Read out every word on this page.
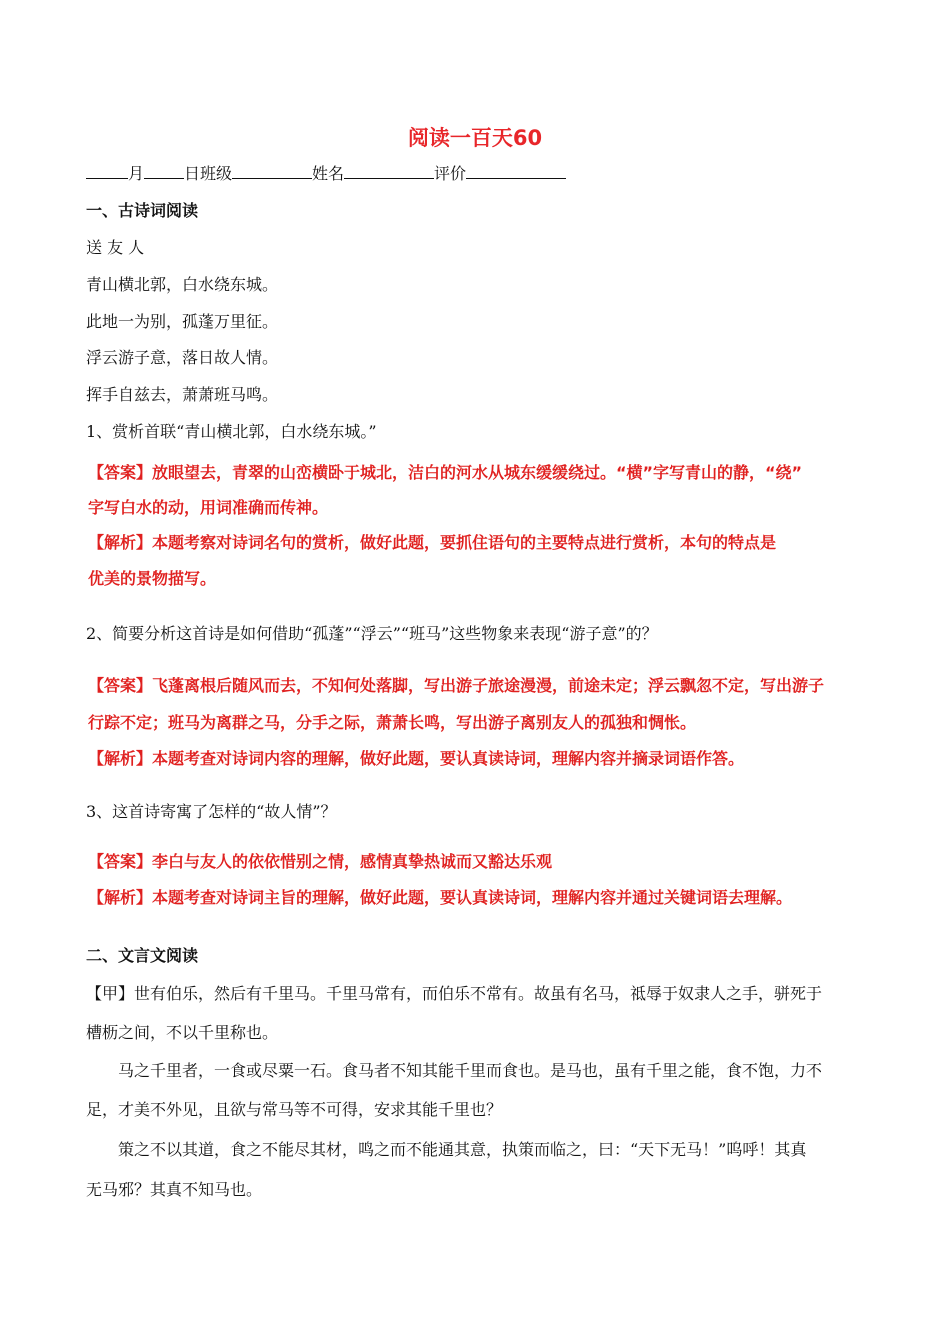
阅读一百天60
月	日班级	姓名	评价
一、古诗词阅读
送 友 人
青山横北郭，白水绕东城。
此地一为别，孤蓬万里征。
浮云游子意，落日故人情。
挥手自兹去，萧萧班马鸣。
1、赏析首联“青山横北郭，白水绕东城。”
【答案】放眼望去，青翠的山峦横卧于城北，洁白的河水从城东缓缓绕过。“横”字写青山的静，“绕”
字写白水的动，用词准确而传神。
【解析】本题考察对诗词名句的赏析，做好此题，要抓住语句的主要特点进行赏析，本句的特点是
优美的景物描写。
2、简要分析这首诗是如何借助“孤蓬”“浮云”“班马”这些物象来表现“游子意”的？
【答案】飞蓬离根后随风而去，不知何处落脚，写出游子旅途漫漫，前途未定；浮云飘忽不定，写出游子
行踪不定；班马为离群之马，分手之际，萧萧长鸣，写出游子离别友人的孤独和惆怅。
【解析】本题考查对诗词内容的理解，做好此题，要认真读诗词，理解内容并摘录词语作答。
3、这首诗寄寓了怎样的“故人情”？
【答案】李白与友人的依依惜别之情，感情真挚热诚而又豁达乐观
【解析】本题考查对诗词主旨的理解，做好此题，要认真读诗词，理解内容并通过关键词语去理解。
二、文言文阅读
【甲】世有伯乐，然后有千里马。千里马常有，而伯乐不常有。故虽有名马，祗辱于奴隶人之手，骈死于
槽枥之间，不以千里称也。
马之千里者，一食或尽粟一石。食马者不知其能千里而食也。是马也，虽有千里之能，食不饱，力不
足，才美不外见，且欲与常马等不可得，安求其能千里也？
策之不以其道，食之不能尽其材，鸣之而不能通其意，执策而临之，曰：“天下无马！”呜呼！其真
无马邪？其真不知马也。
